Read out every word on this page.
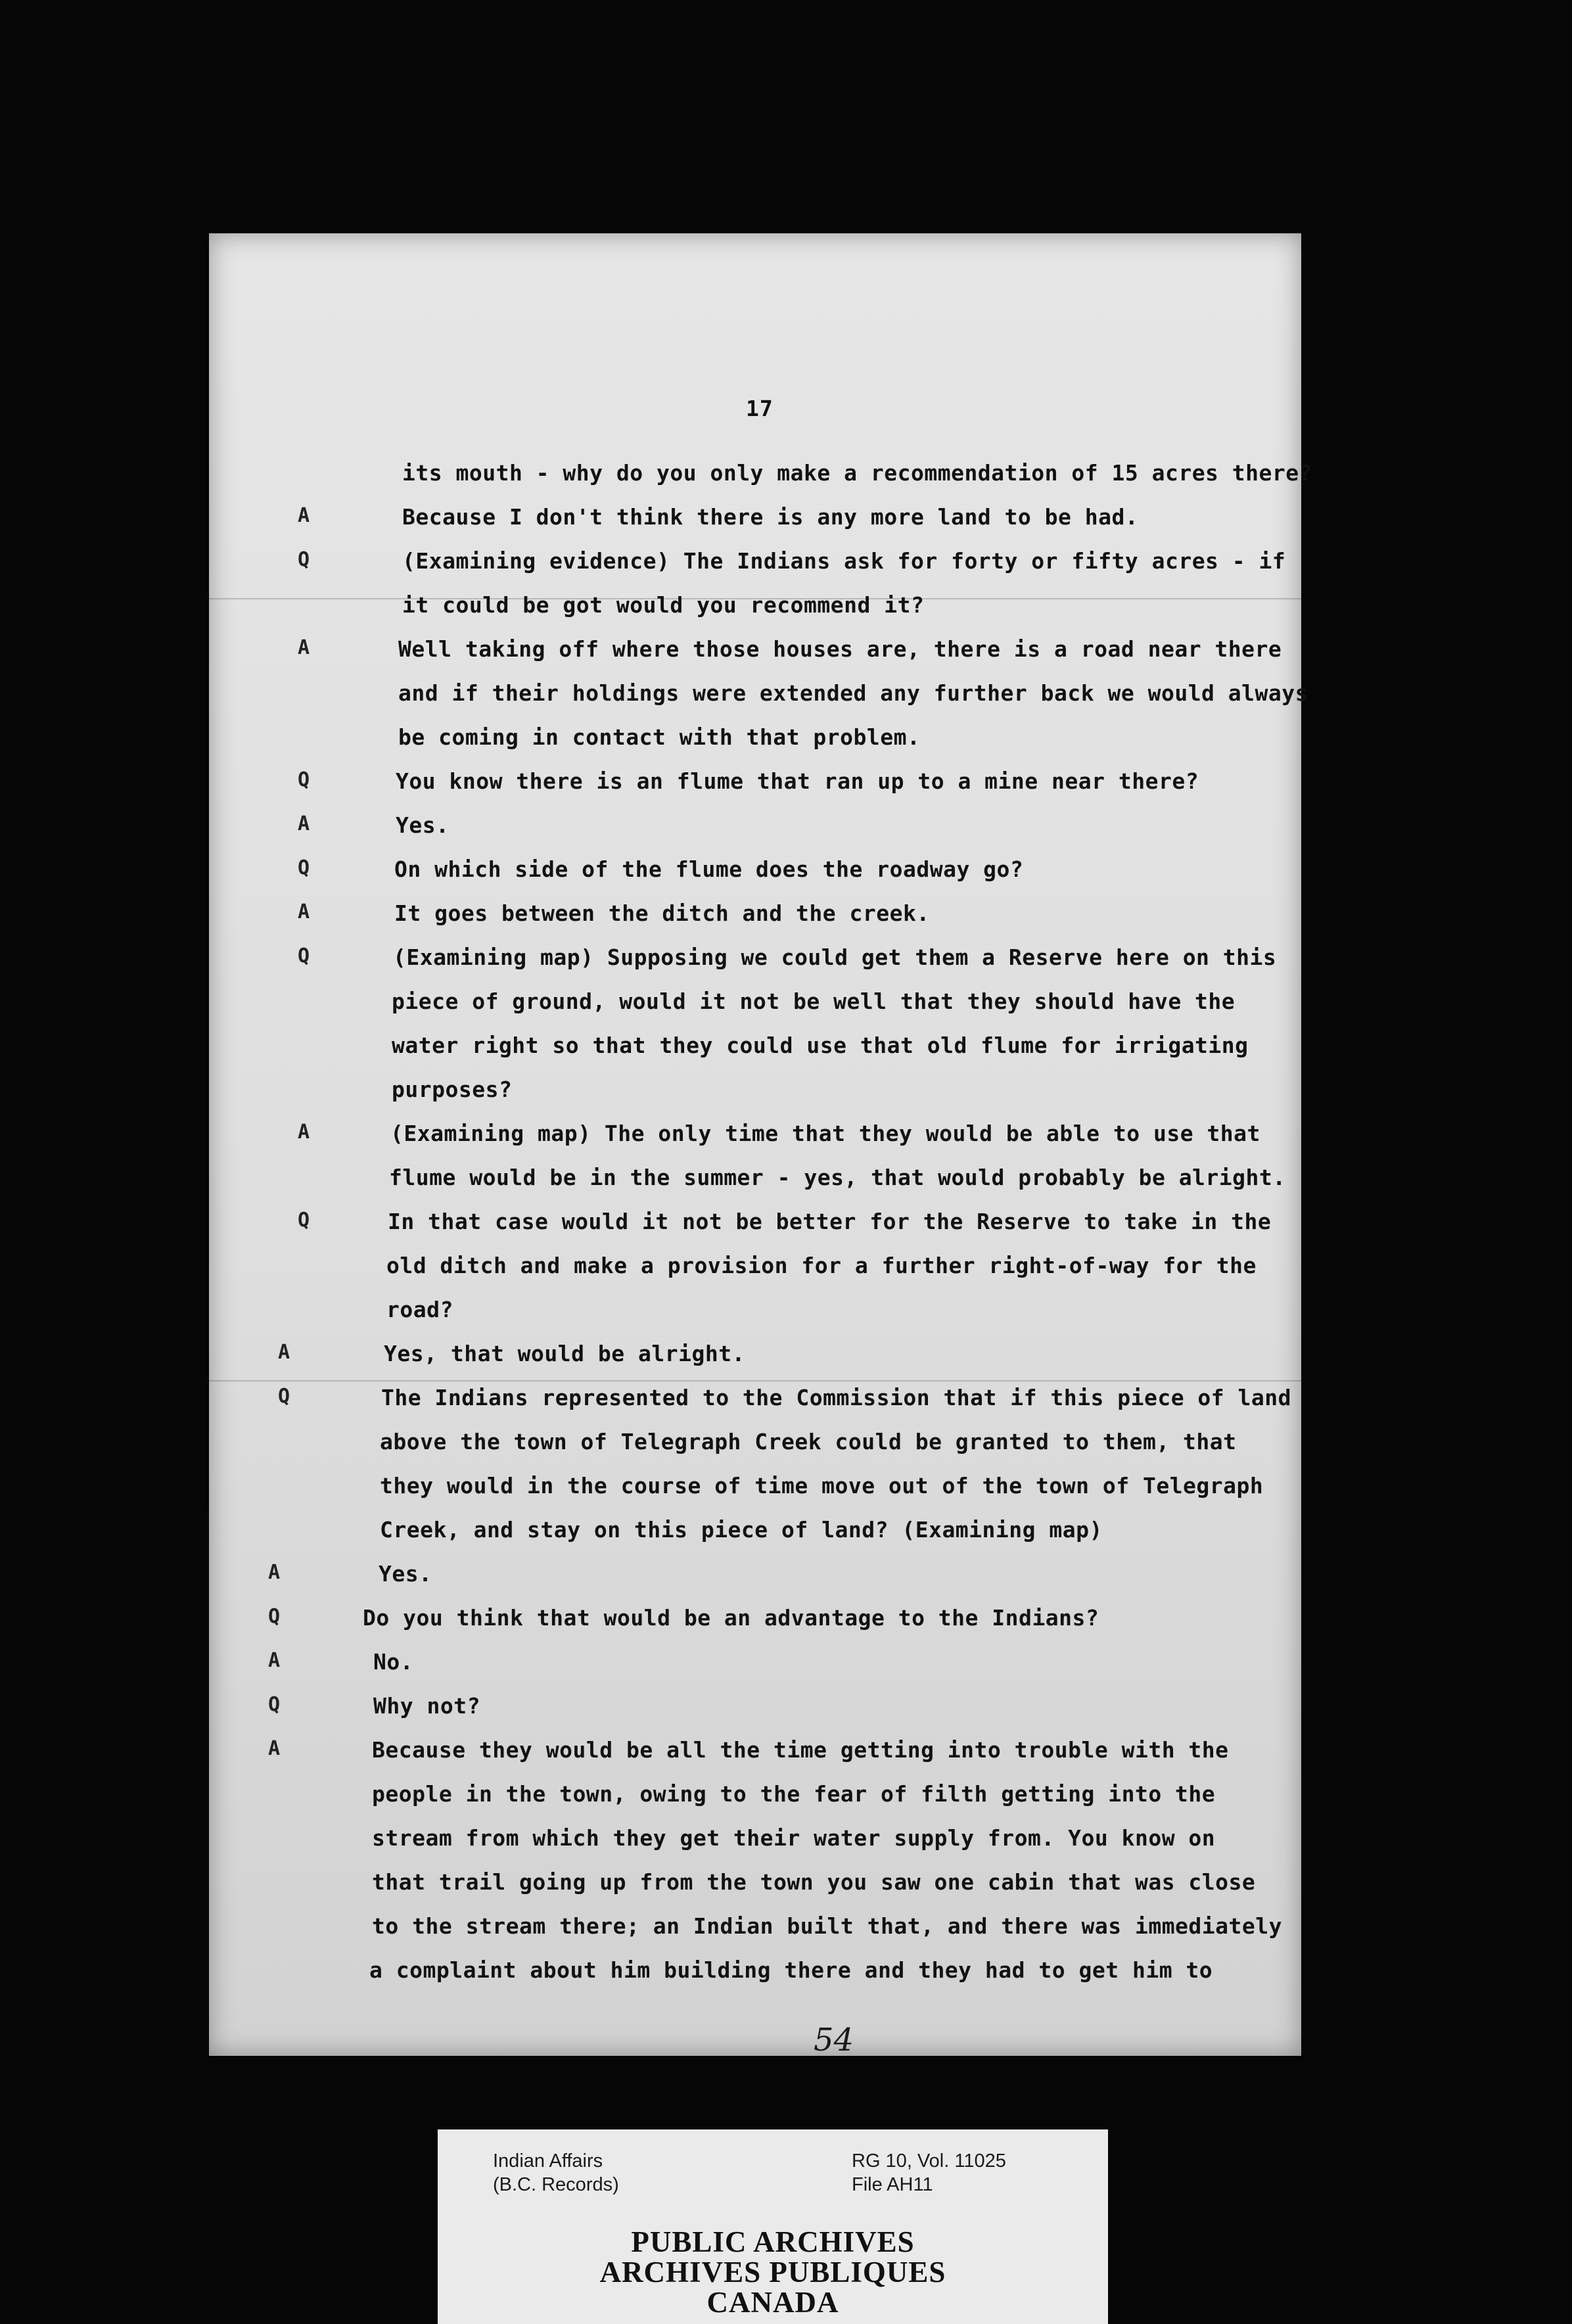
17
its mouth - why do you only make a recommendation of 15 acres there?
A	Because I don't think there is any more land to be had.
Q	(Examining evidence) The Indians ask for forty or fifty acres - if
it could be got would you recommend it?
A	Well taking off where those houses are, there is a road near there
and if their holdings were extended any further back we would always
be coming in contact with that problem.
Q	You know there is an flume that ran up to a mine near there?
A	Yes.
Q	On which side of the flume does the roadway go?
A	It goes between the ditch and the creek.
Q	(Examining map) Supposing we could get them a Reserve here on this
piece of ground, would it not be well that they should have the
water right so that they could use that old flume for irrigating
purposes?
A	(Examining map) The only time that they would be able to use that
flume would be in the summer - yes, that would probably be alright.
Q	In that case would it not be better for the Reserve to take in the
old ditch and make a provision for a further right-of-way for the
road?
A	Yes, that would be alright.
Q	The Indians represented to the Commission that if this piece of land
above the town of Telegraph Creek could be granted to them, that
they would in the course of time move out of the town of Telegraph
Creek, and stay on this piece of land? (Examining map)
A	Yes.
Q	Do you think that would be an advantage to the Indians?
A	No.
Q	Why not?
A	Because they would be all the time getting into trouble with the
people in the town, owing to the fear of filth getting into the
stream from which they get their water supply from. You know on
that trail going up from the town you saw one cabin that was close
to the stream there; an Indian built that, and there was immediately
a complaint about him building there and they had to get him to
54
Indian Affairs
(B.C. Records)
RG 10, Vol. 11025
File AH11
PUBLIC ARCHIVES
ARCHIVES PUBLIQUES
CANADA
